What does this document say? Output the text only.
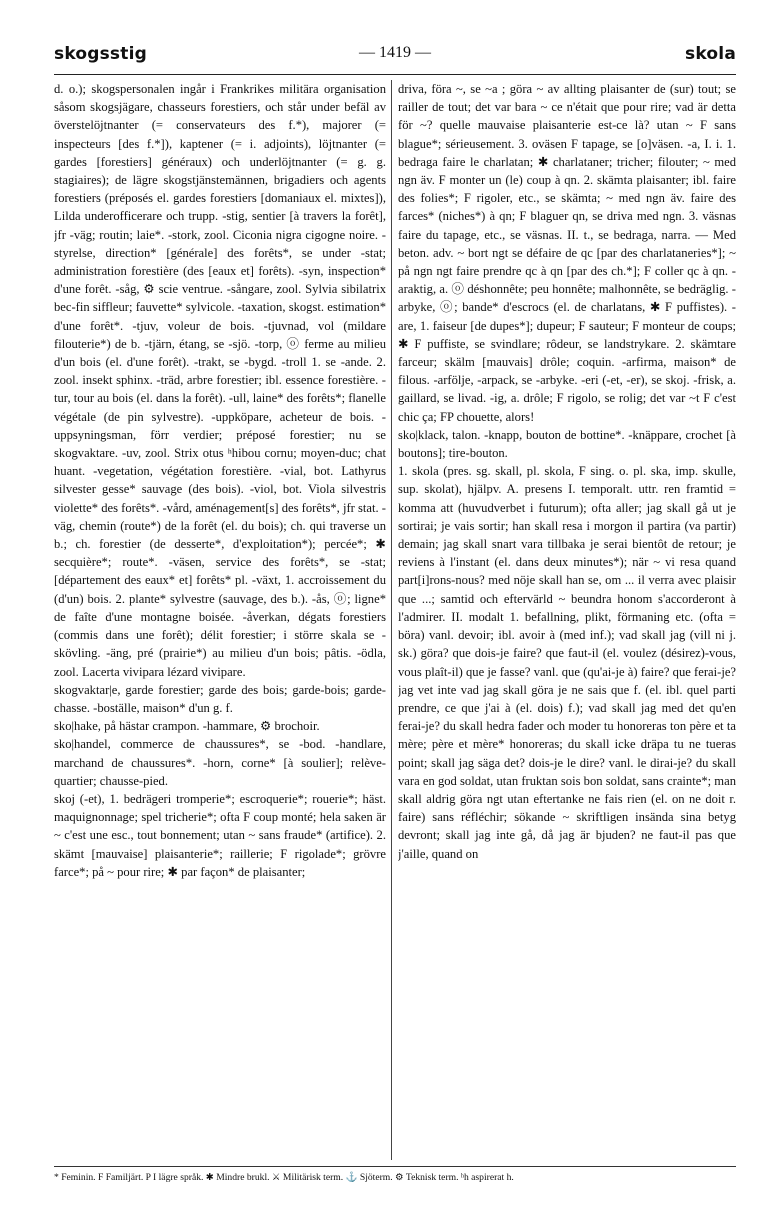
skogsstig	— 1419 —	skola

d. o.); skogspersonalen ingår i Frankrikes militära organisation såsom skogsjägare, chasseurs forestiers, och står under befäl av överstelöjtnanter (= conservateurs des f.*), majorer (= inspecteurs [des f.*]), kaptener (= i. adjoints), löjtnanter (= gardes [forestiers] généraux) och underlöjtnanter (= g. g. stagiaires); de lägre skogstjänstemännen, brigadiers och agents forestiers (préposés el. gardes forestiers [domaniaux el. mixtes]), Lilda underofficerare och trupp. -stig, sentier [à travers la forêt], jfr -väg; routin; laie*. -stork, zool. Ciconia nigra cigogne noire. -styrelse, direction* [générale] des forêts*, se under -stat; administration forestière (des [eaux et] forêts). -syn, inspection* d'une forêt. -såg, ⚙ scie ventrue. -sångare, zool. Sylvia sibilatrix bec-fin siffleur; fauvette* sylvicole. -taxation, skogst. estimation* d'une forêt*. -tjuv, voleur de bois. -tjuvnad, vol (mildare filouterie*) de b. -tjärn, étang, se -sjö. -torp, ⓞ ferme au milieu d'un bois (el. d'une forêt). -trakt, se -bygd. -troll 1. se -ande. 2. zool. insekt sphinx. -träd, arbre forestier; ibl. essence forestière. -tur, tour au bois (el. dans la forêt). -ull, laine* des forêts*; flanelle végétale (de pin sylvestre). -uppköpare, acheteur de bois. -uppsyningsman, förr verdier; préposé forestier; nu se skogvaktare. -uv, zool. Strix otus ʰhibou cornu; moyen-duc; chat huant. -vegetation, végétation forestière. -vial, bot. Lathyrus silvester gesse* sauvage (des bois). -viol, bot. Viola silvestris violette* des forêts*. -vård, aménagement[s] des forêts*, jfr stat. -väg, chemin (route*) de la forêt (el. du bois); ch. qui traverse un b.; ch. forestier (de desserte*, d'exploitation*); percée*; ✱ secquière*; route*. -väsen, service des forêts*, se -stat; [département des eaux* et] forêts* pl. -växt, 1. accroissement du (d'un) bois. 2. plante* sylvestre (sauvage, des b.). -ås, ⓞ; ligne* de faîte d'une montagne boisée. -åverkan, dégats forestiers (commis dans une forêt); délit forestier; i större skala se -skövling. -äng, pré (prairie*) au milieu d'un bois; pâtis. -ödla, zool. Lacerta vivipara lézard vivipare.

skogvaktar|e, garde forestier; garde des bois; garde-bois; garde-chasse. -boställe, maison* d'un g. f.

sko|hake, på hästar crampon. -hammare, ⚙ brochoir.

sko|handel, commerce de chaussures*, se -bod. -handlare, marchand de chaussures*. -horn, corne* [à soulier]; relève-quartier; chausse-pied.

skoj (-et), 1. bedrägeri tromperie*; escroquerie*; rouerie*; häst. maquignonnage; spel tricherie*; ofta F coup monté; hela saken är ~ c'est une esc., tout bonnement; utan ~ sans fraude* (artifice). 2. skämt [mauvaise] plaisanterie*; raillerie; F rigolade*; grövre farce*; på ~ pour rire; ✱ par façon* de plaisanter;

driva, föra ~, se ~a ; göra ~ av allting plaisanter de (sur) tout; se railler de tout; det var bara ~ ce n'était que pour rire; vad är detta för ~? quelle mauvaise plaisanterie est-ce là? utan ~ F sans blague*; sérieusement. 3. oväsen F tapage, se [o]väsen. -a, I. i. 1. bedraga faire le charlatan; ✱ charlataner; tricher; filouter; ~ med ngn äv. F monter un (le) coup à qn. 2. skämta plaisanter; ibl. faire des folies*; F rigoler, etc., se skämta; ~ med ngn äv. faire des farces* (niches*) à qn; F blaguer qn, se driva med ngn. 3. väsnas faire du tapage, etc., se väsnas. II. t., se bedraga, narra. — Med beton. adv. ~ bort ngt se défaire de qc [par des charlataneries*]; ~ på ngn ngt faire prendre qc à qn [par des ch.*]; F coller qc à qn. -araktig, a. ⓞ déshonnête; peu honnête; malhonnête, se bedräglig. -arbyke, ⓞ; bande* d'escrocs (el. de charlatans, ✱ F puffistes). -are, 1. faiseur [de dupes*]; dupeur; F sauteur; F monteur de coups; ✱ F puffiste, se svindlare; rôdeur, se landstrykare. 2. skämtare farceur; skälm [mauvais] drôle; coquin. -arfirma, maison* de filous. -arfölje, -arpack, se -arbyke. -eri (-et, -er), se skoj. -frisk, a. gaillard, se livad. -ig, a. drôle; F rigolo, se rolig; det var ~t F c'est chic ça; FP chouette, alors!

sko|klack, talon. -knapp, bouton de bottine*. -knäppare, crochet [à boutons]; tire-bouton.

1. skola (pres. sg. skall, pl. skola, F sing. o. pl. ska, imp. skulle, sup. skolat), hjälpv. A. presens I. temporalt. uttr. ren framtid = komma att (huvudverbet i futurum); ofta aller; jag skall gå ut je sortirai; je vais sortir; han skall resa i morgon il partira (va partir) demain; jag skall snart vara tillbaka je serai bientôt de retour; je reviens à l'instant (el. dans deux minutes*); när ~ vi resa quand part[i]rons-nous? med nöje skall han se, om ... il verra avec plaisir que ...; samtid och eftervärld ~ beundra honom s'accorderont à l'admirer. II. modalt 1. befallning, plikt, förmaning etc. (ofta = böra) vanl. devoir; ibl. avoir à (med inf.); vad skall jag (vill ni j. sk.) göra? que dois-je faire? que faut-il (el. voulez (désirez)-vous, vous plaît-il) que je fasse? vanl. que (qu'ai-je à) faire? que ferai-je? jag vet inte vad jag skall göra je ne sais que f. (el. ibl. quel parti prendre, ce que j'ai à (el. dois) f.); vad skall jag med det qu'en ferai-je? du skall hedra fader och moder tu honoreras ton père et ta mère; père et mère* honoreras; du skall icke dräpa tu ne tueras point; skall jag säga det? dois-je le dire? vanl. le dirai-je? du skall vara en god soldat, utan fruktan sois bon soldat, sans crainte*; man skall aldrig göra ngt utan eftertanke ne fais rien (el. on ne doit r. faire) sans réfléchir; sökande ~ skriftligen insända sina betyg devront; skall jag inte gå, då jag är bjuden? ne faut-il pas que j'aille, quand on

* Feminin. F Familjärt. P I lägre språk. ✱ Mindre brukl. ⚔ Militärisk term. ⚓ Sjöterm. ⚙ Teknisk term. ʰh aspirerat h.
